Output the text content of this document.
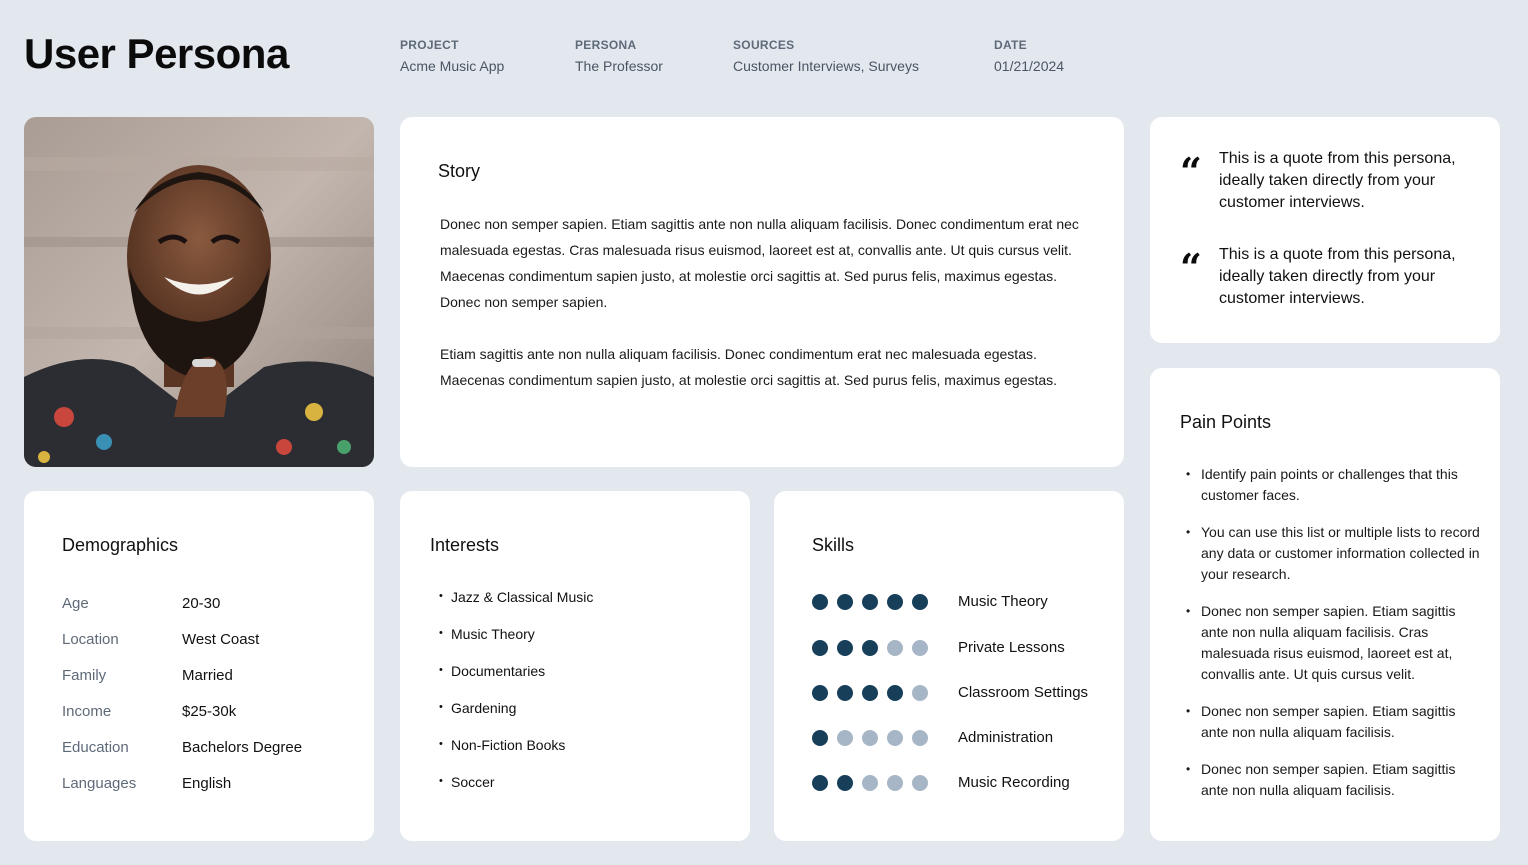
User Persona	PROJECT
Acme Music App
PERSONA
The Professor
SOURCES
Customer Interviews, Surveys
DATE
01/21/2024
Story

Donec non semper sapien. Etiam sagittis ante non nulla aliquam facilisis. Donec condimentum erat nec malesuada egestas. Cras malesuada risus euismod, laoreet est at, convallis ante. Ut quis cursus velit. Maecenas condimentum sapien justo, at molestie orci sagittis at. Sed purus felis, maximus egestas. Donec non semper sapien.

Etiam sagittis ante non nulla aliquam facilisis. Donec condimentum erat nec malesuada egestas. Maecenas condimentum sapien justo, at molestie orci sagittis at. Sed purus felis, maximus egestas.

“ This is a quote from this persona, ideally taken directly from your customer interviews.
“ This is a quote from this persona, ideally taken directly from your customer interviews.
Pain Points
• Identify pain points or challenges that this customer faces.
• You can use this list or multiple lists to record any data or customer information collected in your research.
• Donec non semper sapien. Etiam sagittis ante non nulla aliquam facilisis. Cras malesuada risus euismod, laoreet est at, convallis ante. Ut quis cursus velit.
• Donec non semper sapien. Etiam sagittis ante non nulla aliquam facilisis.
• Donec non semper sapien. Etiam sagittis ante non nulla aliquam facilisis.
Demographics
Age	20-30
Location	West Coast
Family	Married
Income	$25-30k
Education	Bachelors Degree
Languages	English
Interests
• Jazz & Classical Music
• Music Theory
• Documentaries
• Gardening
• Non-Fiction Books
• Soccer
Skills
Music Theory
Private Lessons
Classroom Settings
Administration
Music Recording
